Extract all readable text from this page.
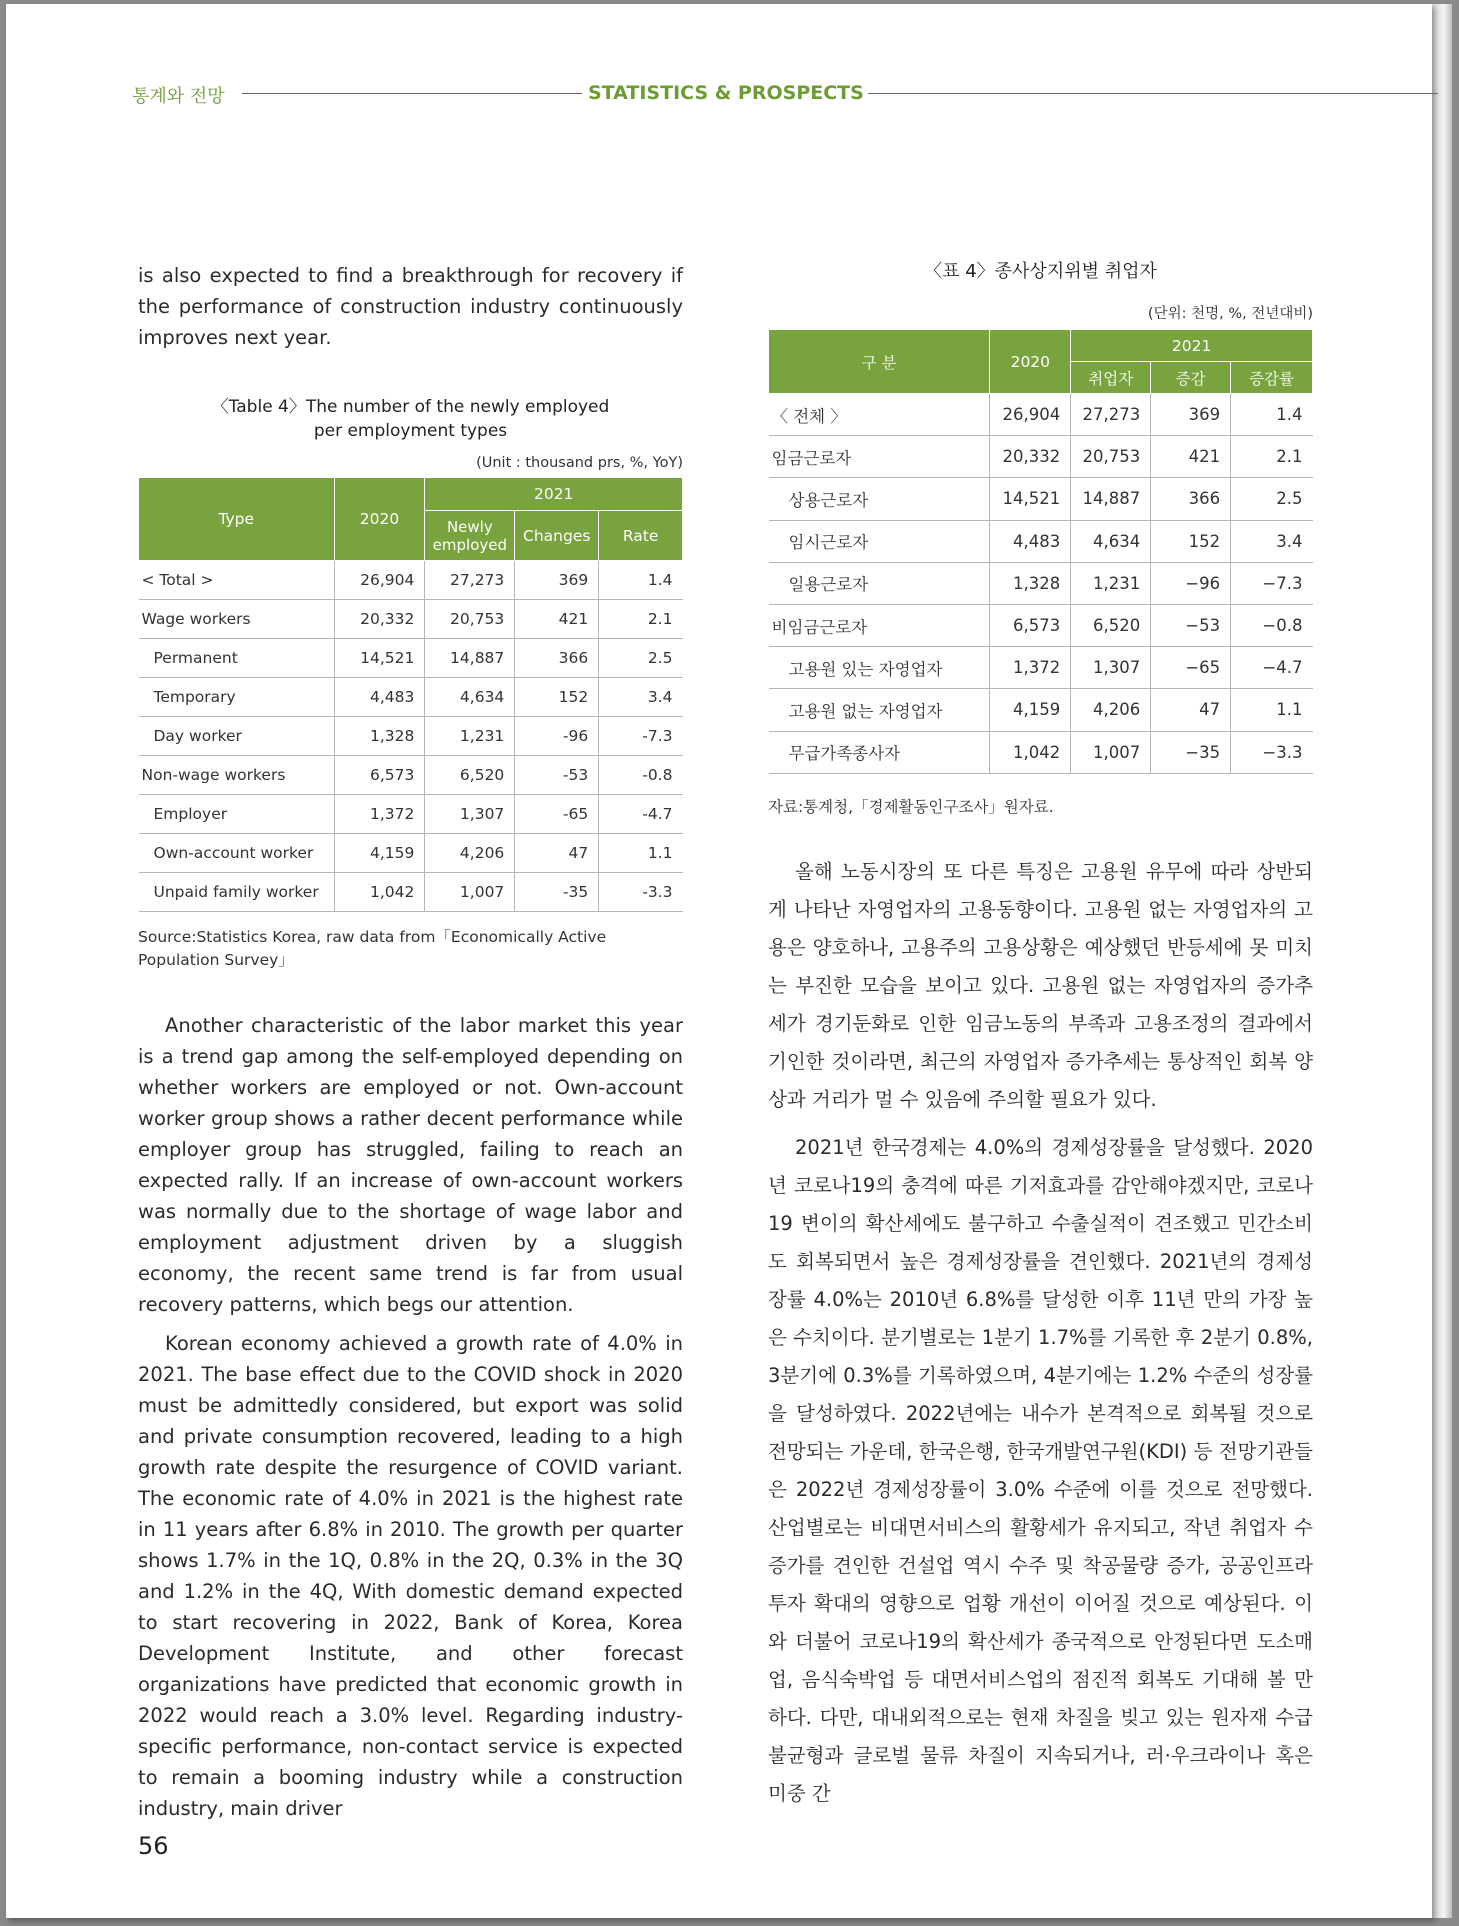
통계와 전망	STATISTICS & PROSPECTS

is also expected to find a breakthrough for recovery if the performance of construction industry continuously improves next year.

〈Table 4〉The number of the newly employed
per employment types
(Unit : thousand prs, %, YoY)
Type	2020	2021		
		Newly employed	Changes	Rate
< Total >	26,904	27,273	369	1.4
Wage workers	20,332	20,753	421	2.1
Permanent	14,521	14,887	366	2.5
Temporary	4,483	4,634	152	3.4
Day worker	1,328	1,231	-96	-7.3
Non-wage workers	6,573	6,520	-53	-0.8
Employer	1,372	1,307	-65	-4.7
Own-account worker	4,159	4,206	47	1.1
Unpaid family worker	1,042	1,007	-35	-3.3
Source:Statistics Korea, raw data from「Economically Active Population Survey」

Another characteristic of the labor market this year is a trend gap among the self-employed depending on whether workers are employed or not. Own-account worker group shows a rather decent performance while employer group has struggled, failing to reach an expected rally. If an increase of own-account workers was normally due to the shortage of wage labor and employment adjustment driven by a sluggish economy, the recent same trend is far from usual recovery patterns, which begs our attention.

Korean economy achieved a growth rate of 4.0% in 2021. The base effect due to the COVID shock in 2020 must be admittedly considered, but export was solid and private consumption recovered, leading to a high growth rate despite the resurgence of COVID variant. The economic rate of 4.0% in 2021 is the highest rate in 11 years after 6.8% in 2010. The growth per quarter shows 1.7% in the 1Q, 0.8% in the 2Q, 0.3% in the 3Q and 1.2% in the 4Q, With domestic demand expected to start recovering in 2022, Bank of Korea, Korea Development Institute, and other forecast organizations have predicted that economic growth in 2022 would reach a 3.0% level. Regarding industry-specific performance, non-contact service is expected to remain a booming industry while a construction industry, main driver

〈표 4〉종사상지위별 취업자
(단위: 천명, %, 전년대비)
구 분	2020	2021		
		취업자	증감	증감률
〈 전체 〉	26,904	27,273	369	1.4
임금근로자	20,332	20,753	421	2.1
상용근로자	14,521	14,887	366	2.5
임시근로자	4,483	4,634	152	3.4
일용근로자	1,328	1,231	−96	−7.3
비임금근로자	6,573	6,520	−53	−0.8
고용원 있는 자영업자	1,372	1,307	−65	−4.7
고용원 없는 자영업자	4,159	4,206	47	1.1
무급가족종사자	1,042	1,007	−35	−3.3
자료:통계청,「경제활동인구조사」원자료.

올해 노동시장의 또 다른 특징은 고용원 유무에 따라 상반되게 나타난 자영업자의 고용동향이다. 고용원 없는 자영업자의 고용은 양호하나, 고용주의 고용상황은 예상했던 반등세에 못 미치는 부진한 모습을 보이고 있다. 고용원 없는 자영업자의 증가추세가 경기둔화로 인한 임금노동의 부족과 고용조정의 결과에서 기인한 것이라면, 최근의 자영업자 증가추세는 통상적인 회복 양상과 거리가 멀 수 있음에 주의할 필요가 있다.

2021년 한국경제는 4.0%의 경제성장률을 달성했다. 2020년 코로나19의 충격에 따른 기저효과를 감안해야겠지만, 코로나19 변이의 확산세에도 불구하고 수출실적이 견조했고 민간소비도 회복되면서 높은 경제성장률을 견인했다. 2021년의 경제성장률 4.0%는 2010년 6.8%를 달성한 이후 11년 만의 가장 높은 수치이다. 분기별로는 1분기 1.7%를 기록한 후 2분기 0.8%, 3분기에 0.3%를 기록하였으며, 4분기에는 1.2% 수준의 성장률을 달성하였다. 2022년에는 내수가 본격적으로 회복될 것으로 전망되는 가운데, 한국은행, 한국개발연구원(KDI) 등 전망기관들은 2022년 경제성장률이 3.0% 수준에 이를 것으로 전망했다. 산업별로는 비대면서비스의 활황세가 유지되고, 작년 취업자 수 증가를 견인한 건설업 역시 수주 및 착공물량 증가, 공공인프라 투자 확대의 영향으로 업황 개선이 이어질 것으로 예상된다. 이와 더불어 코로나19의 확산세가 종국적으로 안정된다면 도소매업, 음식숙박업 등 대면서비스업의 점진적 회복도 기대해 볼 만하다. 다만, 대내외적으로는 현재 차질을 빚고 있는 원자재 수급불균형과 글로벌 물류 차질이 지속되거나, 러·우크라이나 혹은 미중 간

56
